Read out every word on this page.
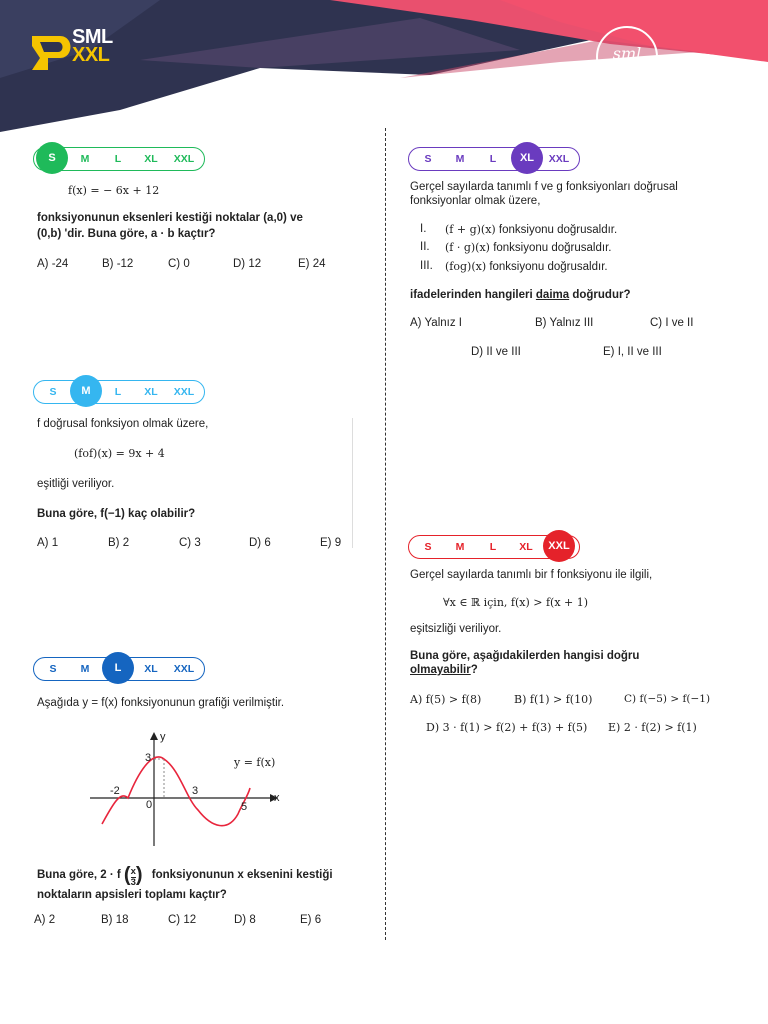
SML
XXL	sml
MATEMATİK
S	M	L	XL	XXL
f(x) = − 6x + 12
fonksiyonunun eksenleri kestiği noktalar (a,0) ve
(0,b) 'dir. Buna göre, a · b kaçtır?
A) -24	B) -12	C) 0	D) 12	E) 24
S	M	L	XL	XXL
f doğrusal fonksiyon olmak üzere,
(fof)(x) = 9x + 4
eşitliği veriliyor.
Buna göre, f(−1) kaç olabilir?
A) 1	B) 2	C) 3	D) 6	E) 9
S	M	L	XL	XXL
Aşağıda y = f(x) fonksiyonunun grafiği verilmiştir.
y
x
y = f(x)
-2
0
3
3
5
Buna göre, 2 · f ( $\frac{x}{3}$ ) fonksiyonunun x eksenini kestiği
noktaların apsisleri toplamı kaçtır?
A) 2	B) 18	C) 12	D) 8	E) 6
S	M	L	XL	XXL
Gerçel sayılarda tanımlı f ve g fonksiyonları doğrusal
fonksiyonlar olmak üzere,
I. (f + g)(x) fonksiyonu doğrusaldır.
II. (f · g)(x) fonksiyonu doğrusaldır.
III. (fog)(x) fonksiyonu doğrusaldır.
ifadelerinden hangileri daima doğrudur?
A) Yalnız I	B) Yalnız III	C) I ve II
D) II ve III	E) I, II ve III
S	M	L	XL	XXL
Gerçel sayılarda tanımlı bir f fonksiyonu ile ilgili,
∀x ∈ ℝ için, f(x) > f(x + 1)
eşitsizliği veriliyor.
Buna göre, aşağıdakilerden hangisi doğru
olmayabilir?
A) f(5) > f(8)	B) f(1) > f(10)	C) f(−5) > f(−1)
D) 3 · f(1) > f(2) + f(3) + f(5) E) 2 · f(2) > f(1)
